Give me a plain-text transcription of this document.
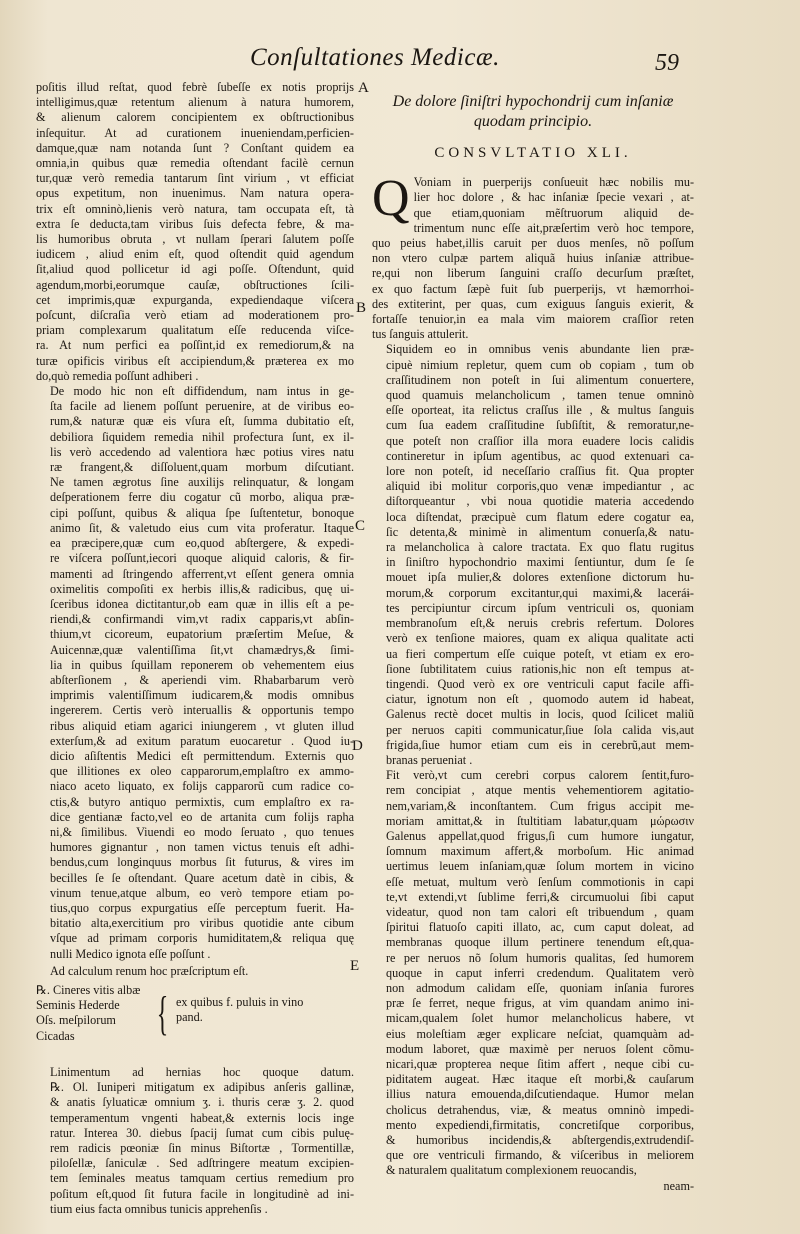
Conſultationes Medicæ.	59
A
B
C
D
E
poſitis illud reſtat, quod febrè ſubeſſe ex notis proprijs
intelligimus,quæ retentum alienum à natura humorem,
& alienum calorem concipientem ex obſtructionibus
inſequitur. At ad curationem inueniendam,perficien-
damque,quæ nam notanda ſunt ? Conſtant quidem ea
omnia,in quibus quæ remedia oſtendant facilè cernun
tur,quæ verò remedia tantarum ſint virium , vt efficiat
opus expetitum, non inuenimus. Nam natura opera-
trix eſt omninò,lienis verò natura, tam occupata eſt, tà
extra ſe deducta,tam viribus ſuis defecta febre, & ma-
lis humoribus obruta , vt nullam ſperari ſalutem poſſe
iudicem , aliud enim eſt, quod oſtendit quid agendum
ſit,aliud quod pollicetur id agi poſſe. Oſtendunt, quid
agendum,morbi,eorumque cauſæ, obſtructiones ſcili-
cet imprimis,quæ expurganda, expediendaque viſcera
poſcunt, diſcraſia verò etiam ad moderationem pro-
priam complexarum qualitatum eſſe reducenda viſce-
ra. At num perfici ea poſſint,id ex remediorum,& na
turæ opificis viribus eſt accipiendum,& præterea ex mo
do,quò remedia poſſunt adhiberi .
De modo hic non eſt diffidendum, nam intus in ge-
ſta facile ad lienem poſſunt peruenire, at de viribus eo-
rum,& naturæ quæ eis vſura eſt, ſumma dubitatio eſt,
debiliora ſiquidem remedia nihil profectura ſunt, ex il-
lis verò accedendo ad valentiora hæc potius vires natu
ræ frangent,& diſſoluent,quam morbum diſcutiant.
Ne tamen ægrotus ſine auxilijs relinquatur, & longam
deſperationem ferre diu cogatur cũ morbo, aliqua præ-
cipi poſſunt, quibus & aliqua ſpe ſuſtentetur, bonoque
animo ſit, & valetudo eius cum vita proferatur. Itaque
ea præcipere,quæ cum eo,quod abſtergere, & expedi-
re viſcera poſſunt,iecori quoque aliquid caloris, & fir-
mamenti ad ſtringendo afferrent,vt eſſent genera omnia
oximelitis compoſiti ex herbis illis,& radicibus, quę ui-
ſceribus idonea dictitantur,ob eam quæ in illis eſt a pe-
riendi,& confirmandi vim,vt radix capparis,vt abſin-
thium,vt cicoreum, eupatorium præſertim Meſue, &
Auicennæ,quæ valentiſſima ſit,vt chamædrys,& ſimi-
lia in quibus ſquillam reponerem ob vehementem eius
abſterſionem , & aperiendi vim. Rhabarbarum verò
imprimis valentiſſimum iudicarem,& modis omnibus
ingererem. Certis verò interuallis & opportunis tempo
ribus aliquid etiam agarici iniungerem , vt gluten illud
exterſum,& ad exitum paratum euocaretur . Quod iu-
dicio aſiſtentis Medici eſt permittendum. Externis quo
que illitiones ex oleo capparorum,emplaſtro ex ammo-
niaco aceto liquato, ex folijs capparorũ cum radice co-
ctis,& butyro antiquo permixtis, cum emplaſtro ex ra-
dice gentianæ facto,vel eo de artanita cum folijs rapha
ni,& ſimilibus. Viuendi eo modo ſeruato , quo tenues
humores gignantur , non tamen victus tenuis eſt adhi-
bendus,cum longinquus morbus ſit futurus, & vires im
becilles ſe ſe oſtendant. Quare acetum datè in cibis, &
vinum tenue,atque album, eo verò tempore etiam po-
tius,quo corpus expurgatius eſſe perceptum fuerit. Ha-
bitatio alta,exercitium pro viribus quotidie ante cibum
vſque ad primam corporis humiditatem,& reliqua quę
nulli Medico ignota eſſe poſſunt .
Ad calculum renum hoc præſcriptum eſt.
℞. Cineres vitis albæ
Seminis Hederde
Oſs. meſpilorum
Cicadas	{ ex quibus f. puluis in vino
pand.
Linimentum ad hernias hoc quoque datum.
℞. Ol. Iuniperi mitigatum ex adipibus anſeris gallinæ,
& anatis ſyluaticæ omnium ʒ. i. thuris ceræ ʒ. 2. quod
temperamentum vngenti habeat,& externis locis inge
ratur. Interea 30. diebus ſpacij ſumat cum cibis puluę-
rem radicis pœoniæ ſin minus Biſtortæ , Tormentillæ,
piloſellæ, ſaniculæ . Sed adſtringere meatum excipien-
tem ſeminales meatus tamquam certius remedium pro
poſitum eſt,quod ſit futura facile in longitudinè ad ini-
tium eius facta omnibus tunicis apprehenſis .
De dolore ſiniſtri hypochondrij cum inſaniæ quodam principio.
CONSVLTATIO XLI.
Q Voniam in puerperijs conſueuit hæc nobilis mu-
lier hoc dolore , & hac inſaniæ ſpecie vexari , at-
que etiam,quoniam mẽſtruorum aliquid de-
trimentum nunc eſſe ait,præſertim verò hoc tempore,
quo peius habet,illis caruit per duos menſes, nõ poſſum
non vtero culpæ partem aliquã huius inſaniæ attribue-
re,qui non liberum ſanguini craſſo decurſum præſtet,
ex quo factum ſæpè fuit ſub puerperijs, vt hæmorrhoi-
des extiterint, per quas, cum exiguus ſanguis exierit, &
fortaſſe tenuior,in ea mala vim maiorem craſſior reten
tus ſanguis attulerit.
Siquidem eo in omnibus venis abundante lien præ-
cipuè nimium repletur, quem cum ob copiam , tum ob
craſſitudinem non poteſt in ſui alimentum conuertere,
quod quamuis melancholicum , tamen tenue omninò
eſſe oporteat, ita relictus craſſus ille , & multus ſanguis
cum ſua eadem craſſitudine ſubſiſtit, & remoratur,ne-
que poteſt non craſſior illa mora euadere locis calidis
contineretur in ipſum agentibus, ac quod extenuari ca-
lore non poteſt, id neceſſario craſſius fit. Qua propter
aliquid ibi molitur corporis,quo venæ impediantur , ac
diſtorqueantur , vbi noua quotidie materia accedendo
loca diſtendat, præcipuè cum flatum edere cogatur ea,
ſic detenta,& minimè in alimentum conuerſa,& natu-
ra melancholica à calore tractata. Ex quo flatu rugitus
in ſiniſtro hypochondrio maximi ſentiuntur, dum ſe ſe
mouet ipſa mulier,& dolores extenſione dictorum hu-
morum,& corporum excitantur,qui maximi,& laceráɨ-
tes percipiuntur circum ipſum ventriculi os, quoniam
membranoſum eſt,& neruis crebris refertum. Dolores
verò ex tenſione maiores, quam ex aliqua qualitate acti
ua fieri compertum eſſe cuique poteſt, vt etiam ex ero-
ſione ſubtilitatem cuius rationis,hic non eſt tempus at-
tingendi. Quod verò ex ore ventriculi caput facile affi-
ciatur, ignotum non eſt , quomodo autem id habeat,
Galenus rectè docet multis in locis, quod ſcilicet maliũ
per neruos capiti communicatur,ſiue ſola calida vis,aut
frigida,ſiue humor etiam cum eis in cerebrũ,aut mem-
branas perueniat .
Fit verò,vt cum cerebri corpus calorem ſentit,furo-
rem concipiat , atque mentis vehementiorem agitatio-
nem,variam,& inconſtantem. Cum frigus accipit me-
moriam amittat,& in ſtultitiam labatur,quam μώρωσιν
Galenus appellat,quod frigus,ſi cum humore iungatur,
ſomnum maximum affert,& morboſum. Hic animad
uertimus leuem inſaniam,quæ ſolum mortem in vicino
eſſe metuat, multum verò ſenſum commotionis in capi
te,vt extendi,vt ſublime ferri,& circumuolui ſibi caput
videatur, quod non tam calori eſt tribuendum , quam
ſpiritui flatuoſo capiti illato, ac, cum caput doleat, ad
membranas quoque illum pertinere tenendum eſt,qua-
re per neruos nõ ſolum humoris qualitas, ſed humorem
quoque in caput inferri credendum. Qualitatem verò
non admodum calidam eſſe, quoniam inſania furores
præ ſe ferret, neque frigus, at vim quandam animo ini-
micam,qualem ſolet humor melancholicus habere, vt
eius moleſtiam æger explicare neſciat, quamquàm ad-
modum laboret, quæ maximè per neruos ſolent cõmu-
nicari,quæ propterea neque ſitim affert , neque cibi cu-
piditatem augeat. Hæc itaque eſt morbi,& cauſarum
illius natura emouenda,diſcutiendaque. Humor melan
cholicus detrahendus, viæ, & meatus omninò impedi-
mento expediendi,firmitatis, concretiſque corporibus,
& humoribus incidendis,& abſtergendis,extrudendiſ-
que ore ventriculi firmando, & viſceribus in meliorem
& naturalem qualitatum complexionem reuocandis,
neam-
